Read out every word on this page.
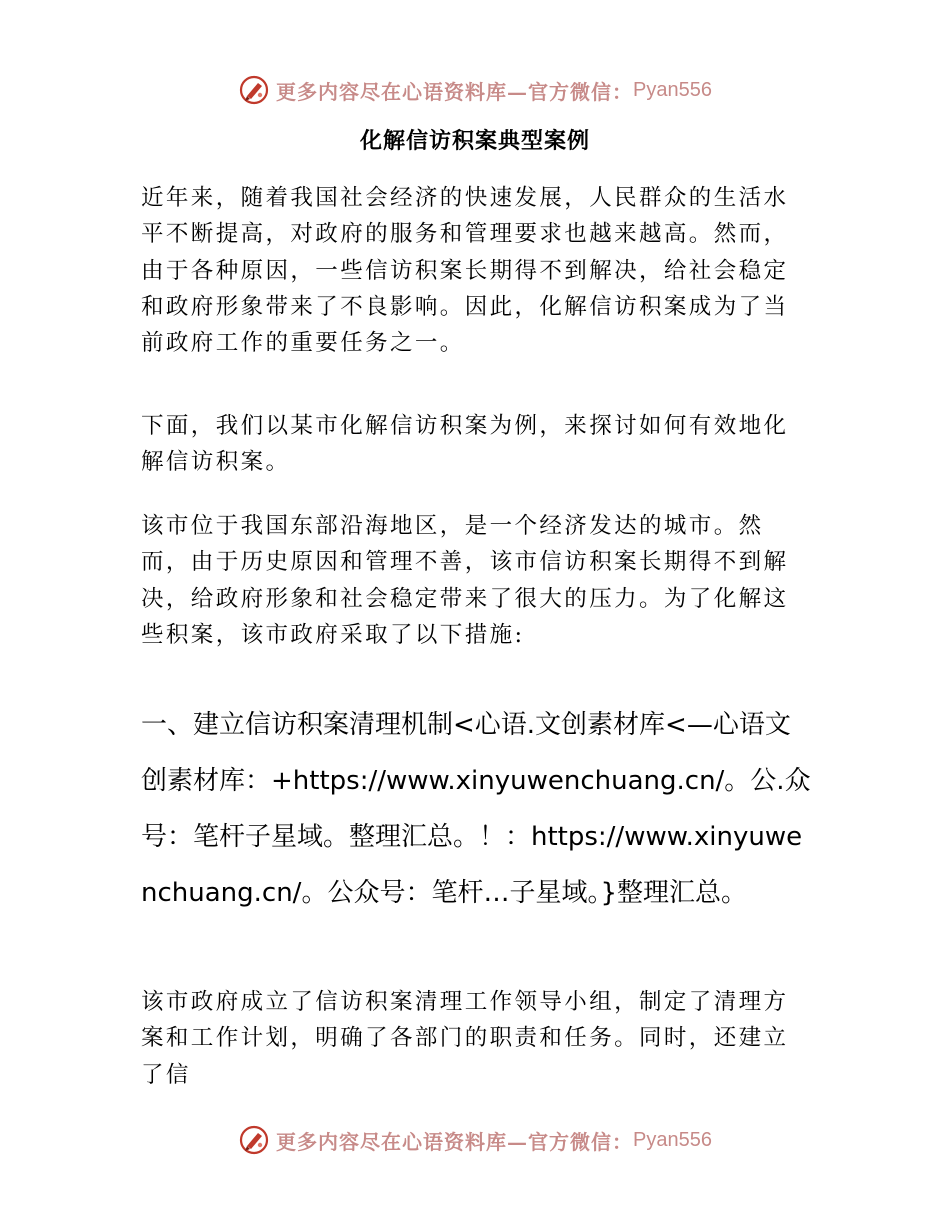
更多内容尽在心语资料库—官方微信： Pyan556
化解信访积案典型案例

近年来，随着我国社会经济的快速发展，人民群众的生活水平不断提高，对政府的服务和管理要求也越来越高。然而，由于各种原因，一些信访积案长期得不到解决，给社会稳定和政府形象带来了不良影响。因此，化解信访积案成为了当前政府工作的重要任务之一。

下面，我们以某市化解信访积案为例，来探讨如何有效地化解信访积案。

该市位于我国东部沿海地区，是一个经济发达的城市。然而，由于历史原因和管理不善，该市信访积案长期得不到解决，给政府形象和社会稳定带来了很大的压力。为了化解这些积案，该市政府采取了以下措施:

一、建立信访积案清理机制<心语.文创素材库<—心语文创素材库：+https://www.xinyuwenchuang.cn/。公.众号：笔杆子星域。整理汇总。！：https://www.xinyuwenchuang.cn/。公众号：笔杆…子星域。}整理汇总。

该市政府成立了信访积案清理工作领导小组，制定了清理方案和工作计划，明确了各部门的职责和任务。同时，还建立了信

更多内容尽在心语资料库—官方微信： Pyan556
